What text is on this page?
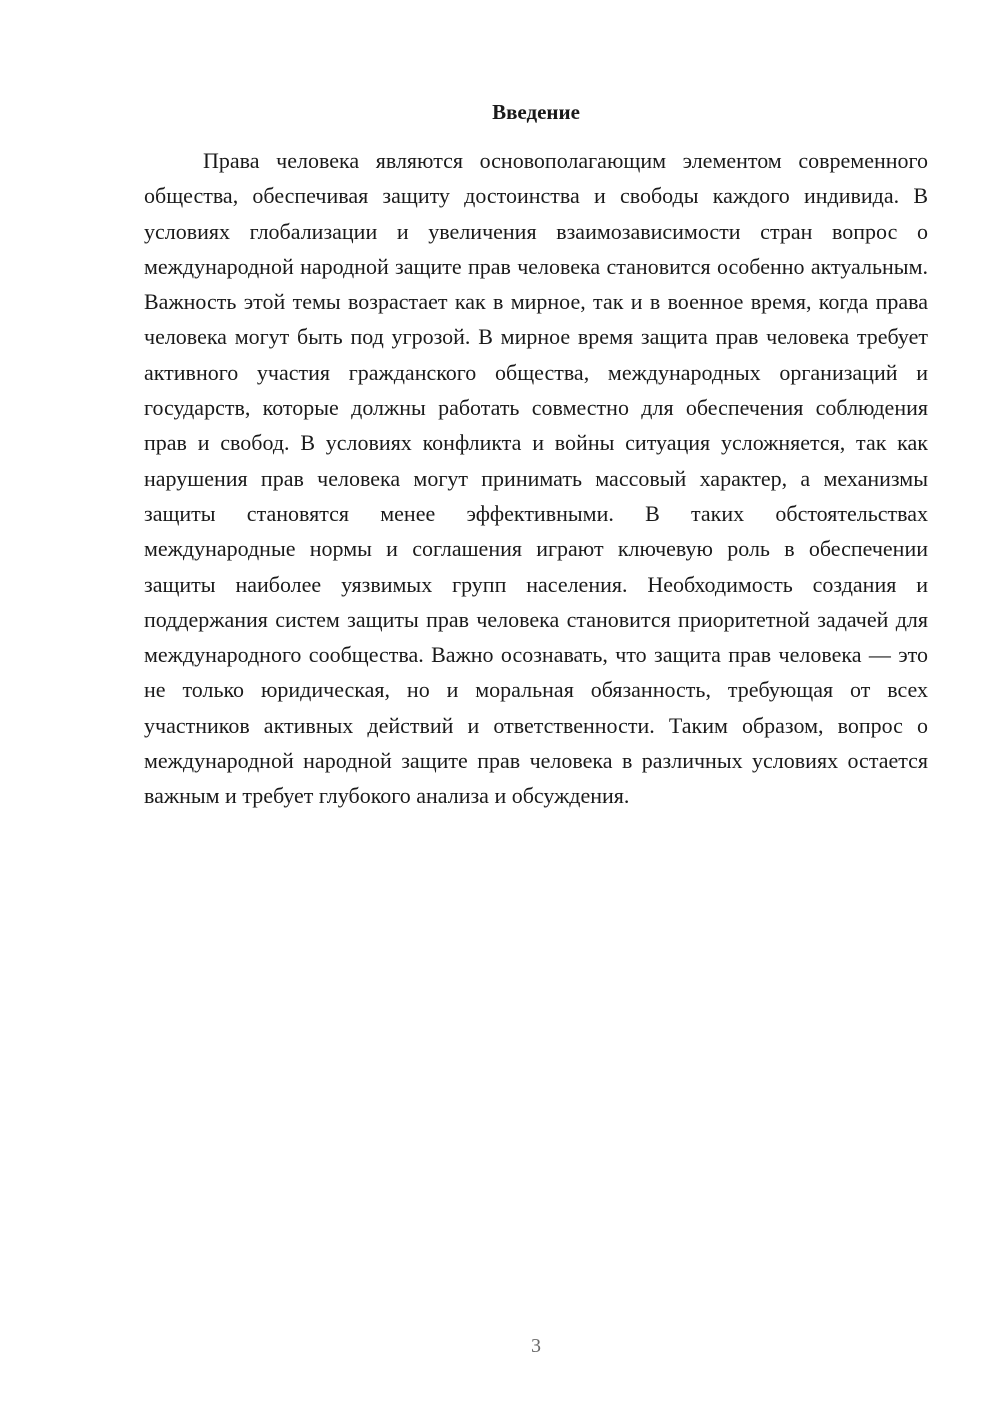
Введение

Права человека являются основополагающим элементом современного общества, обеспечивая защиту достоинства и свободы каждого индивида. В условиях глобализации и увеличения взаимозависимости стран вопрос о международной народной защите прав человека становится особенно актуальным. Важность этой темы возрастает как в мирное, так и в военное время, когда права человека могут быть под угрозой. В мирное время защита прав человека требует активного участия гражданского общества, международных организаций и государств, которые должны работать совместно для обеспечения соблюдения прав и свобод. В условиях конфликта и войны ситуация усложняется, так как нарушения прав человека могут принимать массовый характер, а механизмы защиты становятся менее эффективными. В таких обстоятельствах международные нормы и соглашения играют ключевую роль в обеспечении защиты наиболее уязвимых групп населения. Необходимость создания и поддержания систем защиты прав человека становится приоритетной задачей для международного сообщества. Важно осознавать, что защита прав человека — это не только юридическая, но и моральная обязанность, требующая от всех участников активных действий и ответственности. Таким образом, вопрос о международной народной защите прав человека в различных условиях остается важным и требует глубокого анализа и обсуждения.

3
